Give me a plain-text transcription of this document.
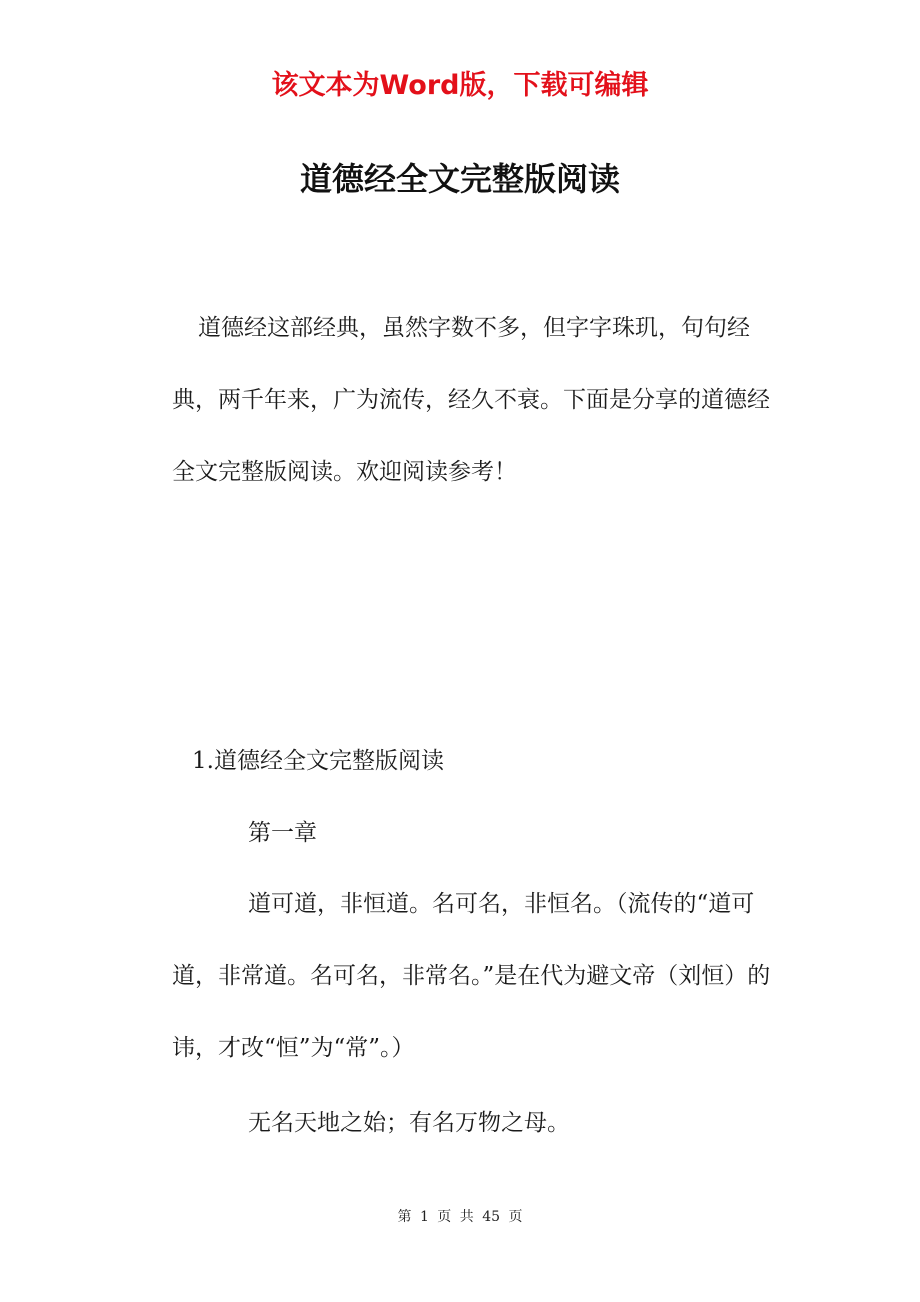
该文本为Word版，下载可编辑
道德经全文完整版阅读

道德经这部经典，虽然字数不多，但字字珠玑，句句经典，两千年来，广为流传，经久不衰。下面是分享的道德经全文完整版阅读。欢迎阅读参考！

1.道德经全文完整版阅读
第一章

道可道，非恒道。名可名，非恒名。（流传的“道可道，非常道。名可名，非常名。”是在代为避文帝（刘恒）的讳，才改“恒”为“常”。）

无名天地之始；有名万物之母。
第 1 页 共 45 页
